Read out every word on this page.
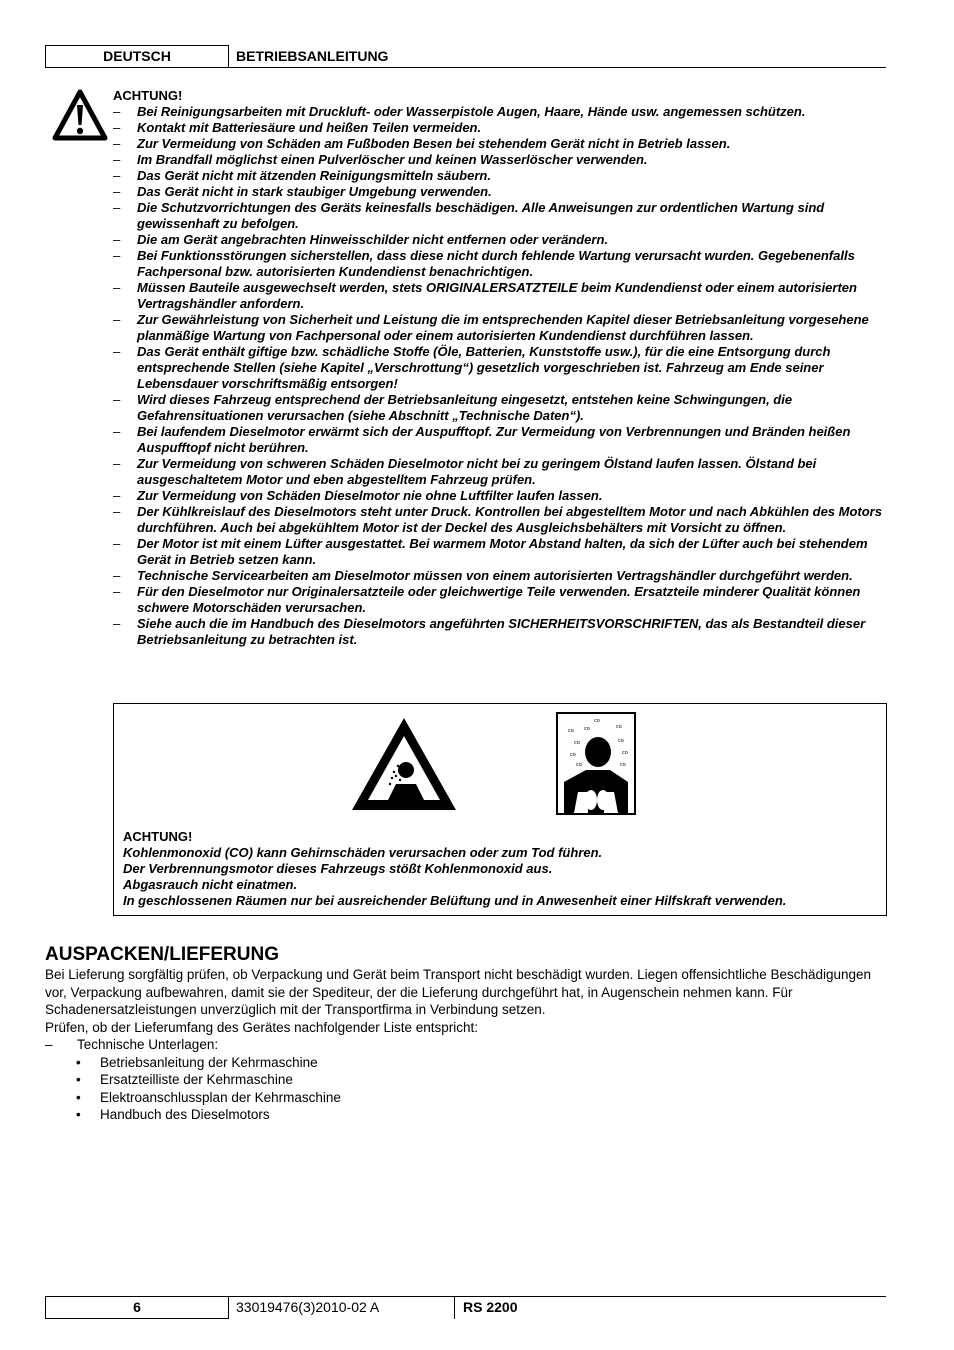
DEUTSCH	BETRIEBSANLEITUNG
ACHTUNG!
– Bei Reinigungsarbeiten mit Druckluft- oder Wasserpistole Augen, Haare, Hände usw. angemessen schützen.
– Kontakt mit Batteriesäure und heißen Teilen vermeiden.
– Zur Vermeidung von Schäden am Fußboden Besen bei stehendem Gerät nicht in Betrieb lassen.
– Im Brandfall möglichst einen Pulverlöscher und keinen Wasserlöscher verwenden.
– Das Gerät nicht mit ätzenden Reinigungsmitteln säubern.
– Das Gerät nicht in stark staubiger Umgebung verwenden.
– Die Schutzvorrichtungen des Geräts keinesfalls beschädigen. Alle Anweisungen zur ordentlichen Wartung sind gewissenhaft zu befolgen.
– Die am Gerät angebrachten Hinweisschilder nicht entfernen oder verändern.
– Bei Funktionsstörungen sicherstellen, dass diese nicht durch fehlende Wartung verursacht wurden. Gegebenenfalls Fachpersonal bzw. autorisierten Kundendienst benachrichtigen.
– Müssen Bauteile ausgewechselt werden, stets ORIGINALERSATZTEILE beim Kundendienst oder einem autorisierten Vertragshändler anfordern.
– Zur Gewährleistung von Sicherheit und Leistung die im entsprechenden Kapitel dieser Betriebsanleitung vorgesehene planmäßige Wartung von Fachpersonal oder einem autorisierten Kundendienst durchführen lassen.
– Das Gerät enthält giftige bzw. schädliche Stoffe (Öle, Batterien, Kunststoffe usw.), für die eine Entsorgung durch entsprechende Stellen (siehe Kapitel „Verschrottung“) gesetzlich vorgeschrieben ist. Fahrzeug am Ende seiner Lebensdauer vorschriftsmäßig entsorgen!
– Wird dieses Fahrzeug entsprechend der Betriebsanleitung eingesetzt, entstehen keine Schwingungen, die Gefahrensituationen verursachen (siehe Abschnitt „Technische Daten“).
– Bei laufendem Dieselmotor erwärmt sich der Auspufftopf. Zur Vermeidung von Verbrennungen und Bränden heißen Auspufftopf nicht berühren.
– Zur Vermeidung von schweren Schäden Dieselmotor nicht bei zu geringem Ölstand laufen lassen. Ölstand bei ausgeschaltetem Motor und eben abgestelltem Fahrzeug prüfen.
– Zur Vermeidung von Schäden Dieselmotor nie ohne Luftfilter laufen lassen.
– Der Kühlkreislauf des Dieselmotors steht unter Druck. Kontrollen bei abgestelltem Motor und nach Abkühlen des Motors durchführen. Auch bei abgekühltem Motor ist der Deckel des Ausgleichsbehälters mit Vorsicht zu öffnen.
– Der Motor ist mit einem Lüfter ausgestattet. Bei warmem Motor Abstand halten, da sich der Lüfter auch bei stehendem Gerät in Betrieb setzen kann.
– Technische Servicearbeiten am Dieselmotor müssen von einem autorisierten Vertragshändler durchgeführt werden.
– Für den Dieselmotor nur Originalersatzteile oder gleichwertige Teile verwenden. Ersatzteile minderer Qualität können schwere Motorschäden verursachen.
– Siehe auch die im Handbuch des Dieselmotors angeführten SICHERHEITSVORSCHRIFTEN, das als Bestandteil dieser Betriebsanleitung zu betrachten ist.
co
co co	co
co	co
co	co
co	co
ACHTUNG!
Kohlenmonoxid (CO) kann Gehirnschäden verursachen oder zum Tod führen.
Der Verbrennungsmotor dieses Fahrzeugs stößt Kohlenmonoxid aus.
Abgasrauch nicht einatmen.
In geschlossenen Räumen nur bei ausreichender Belüftung und in Anwesenheit einer Hilfskraft verwenden.
AUSPACKEN/LIEFERUNG

Bei Lieferung sorgfältig prüfen, ob Verpackung und Gerät beim Transport nicht beschädigt wurden. Liegen offensichtliche Beschädigungen vor, Verpackung aufbewahren, damit sie der Spediteur, der die Lieferung durchgeführt hat, in Augenschein nehmen kann. Für Schadenersatzleistungen unverzüglich mit der Transportfirma in Verbindung setzen.

Prüfen, ob der Lieferumfang des Gerätes nachfolgender Liste entspricht:

– Technische Unterlagen:
• Betriebsanleitung der Kehrmaschine
• Ersatzteilliste der Kehrmaschine
• Elektroanschlussplan der Kehrmaschine
• Handbuch des Dieselmotors
6	33019476(3)2010-02 A	RS 2200
